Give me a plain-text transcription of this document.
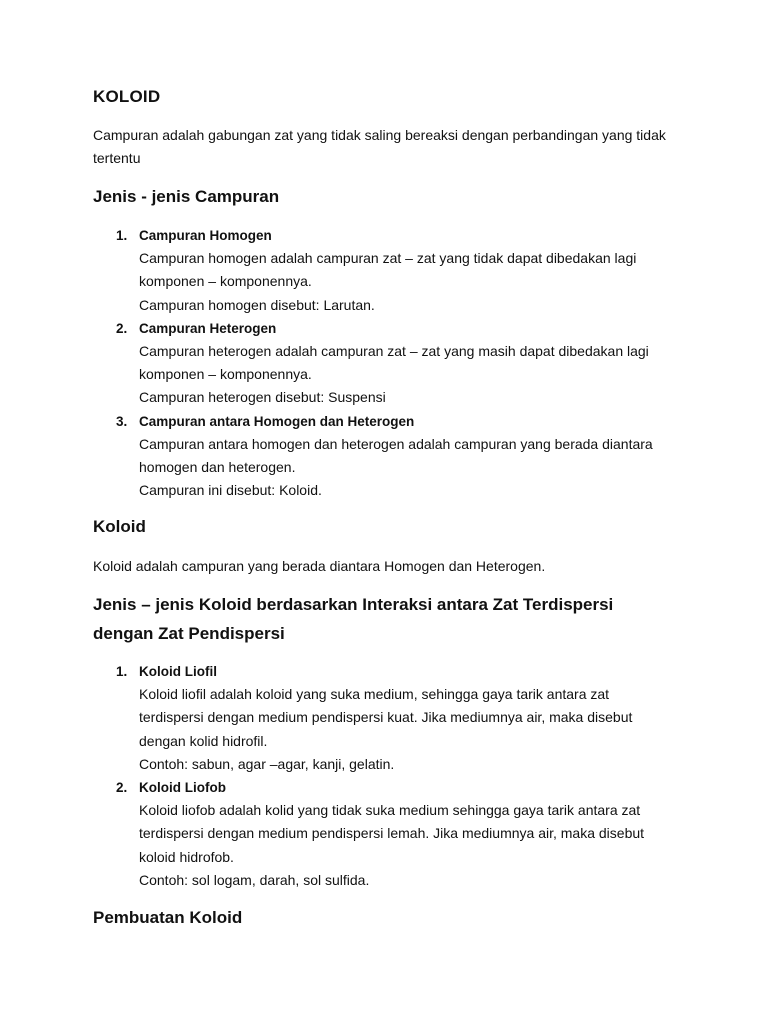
KOLOID

Campuran adalah gabungan zat yang tidak saling bereaksi dengan perbandingan yang tidak
tertentu

Jenis - jenis Campuran
1. Campuran Homogen
Campuran homogen adalah campuran zat – zat yang tidak dapat dibedakan lagi
komponen – komponennya.
Campuran homogen disebut: Larutan.
2. Campuran Heterogen
Campuran heterogen adalah campuran zat – zat yang masih dapat dibedakan lagi
komponen – komponennya.
Campuran heterogen disebut: Suspensi
3. Campuran antara Homogen dan Heterogen
Campuran antara homogen dan heterogen adalah campuran yang berada diantara
homogen dan heterogen.
Campuran ini disebut: Koloid.
Koloid

Koloid adalah campuran yang berada diantara Homogen dan Heterogen.

Jenis – jenis Koloid berdasarkan Interaksi antara Zat Terdispersi
dengan Zat Pendispersi
1. Koloid Liofil
Koloid liofil adalah koloid yang suka medium, sehingga gaya tarik antara zat
terdispersi dengan medium pendispersi kuat. Jika mediumnya air, maka disebut
dengan kolid hidrofil.
Contoh: sabun, agar –agar, kanji, gelatin.
2. Koloid Liofob
Koloid liofob adalah kolid yang tidak suka medium sehingga gaya tarik antara zat
terdispersi dengan medium pendispersi lemah. Jika mediumnya air, maka disebut
koloid hidrofob.
Contoh: sol logam, darah, sol sulfida.
Pembuatan Koloid
